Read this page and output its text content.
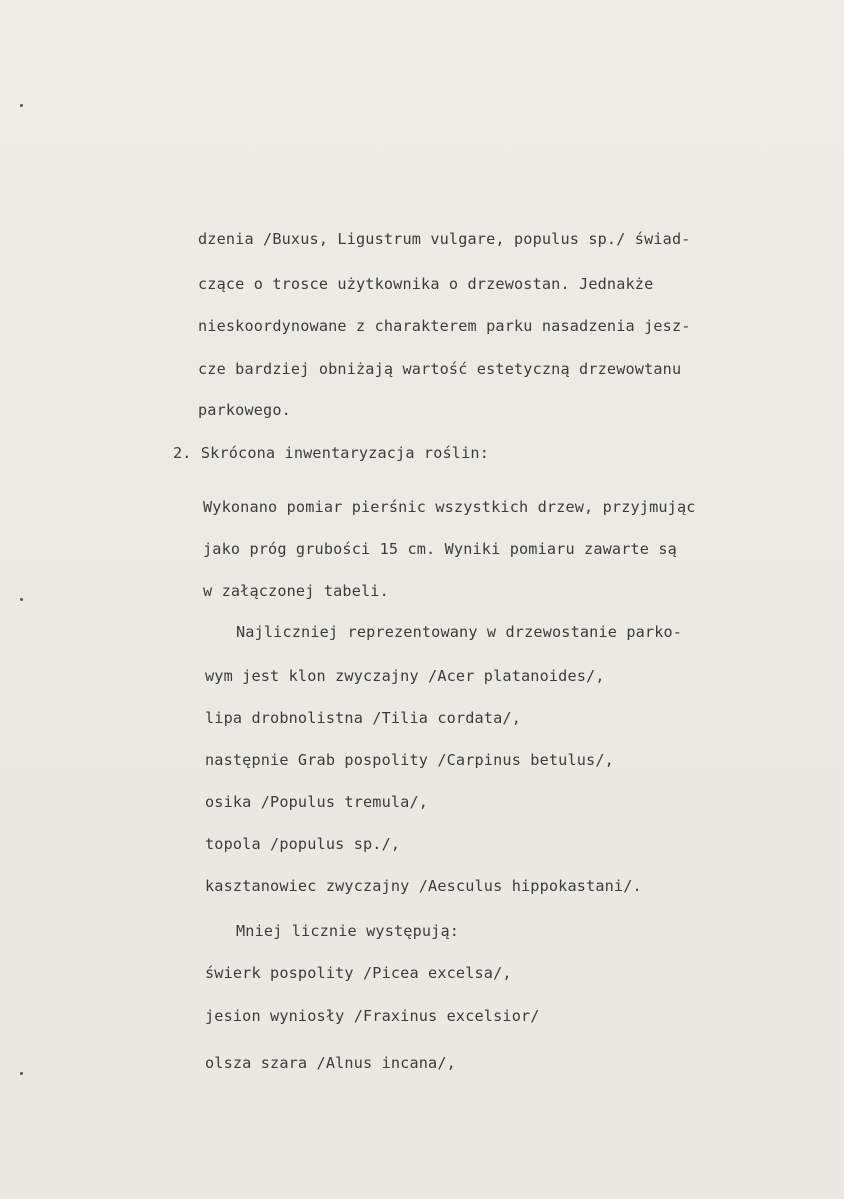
dzenia /Buxus, Ligustrum vulgare, populus sp./ świad-
czące o trosce użytkownika o drzewostan. Jednakże
nieskoordynowane z charakterem parku nasadzenia jesz-
cze bardziej obniżają wartość estetyczną drzewowtanu
parkowego.
2. Skrócona inwentaryzacja roślin:
Wykonano pomiar pierśnic wszystkich drzew, przyjmując
jako próg grubości 15 cm. Wyniki pomiaru zawarte są
w załączonej tabeli.
Najliczniej reprezentowany w drzewostanie parko-
wym jest klon zwyczajny /Acer platanoides/,
lipa drobnolistna /Tilia cordata/,
następnie Grab pospolity /Carpinus betulus/,
osika /Populus tremula/,
topola /populus sp./,
kasztanowiec zwyczajny /Aesculus hippokastani/.
Mniej licznie występują:
świerk pospolity /Picea excelsa/,
jesion wyniosły /Fraxinus excelsior/
olsza szara /Alnus incana/,
